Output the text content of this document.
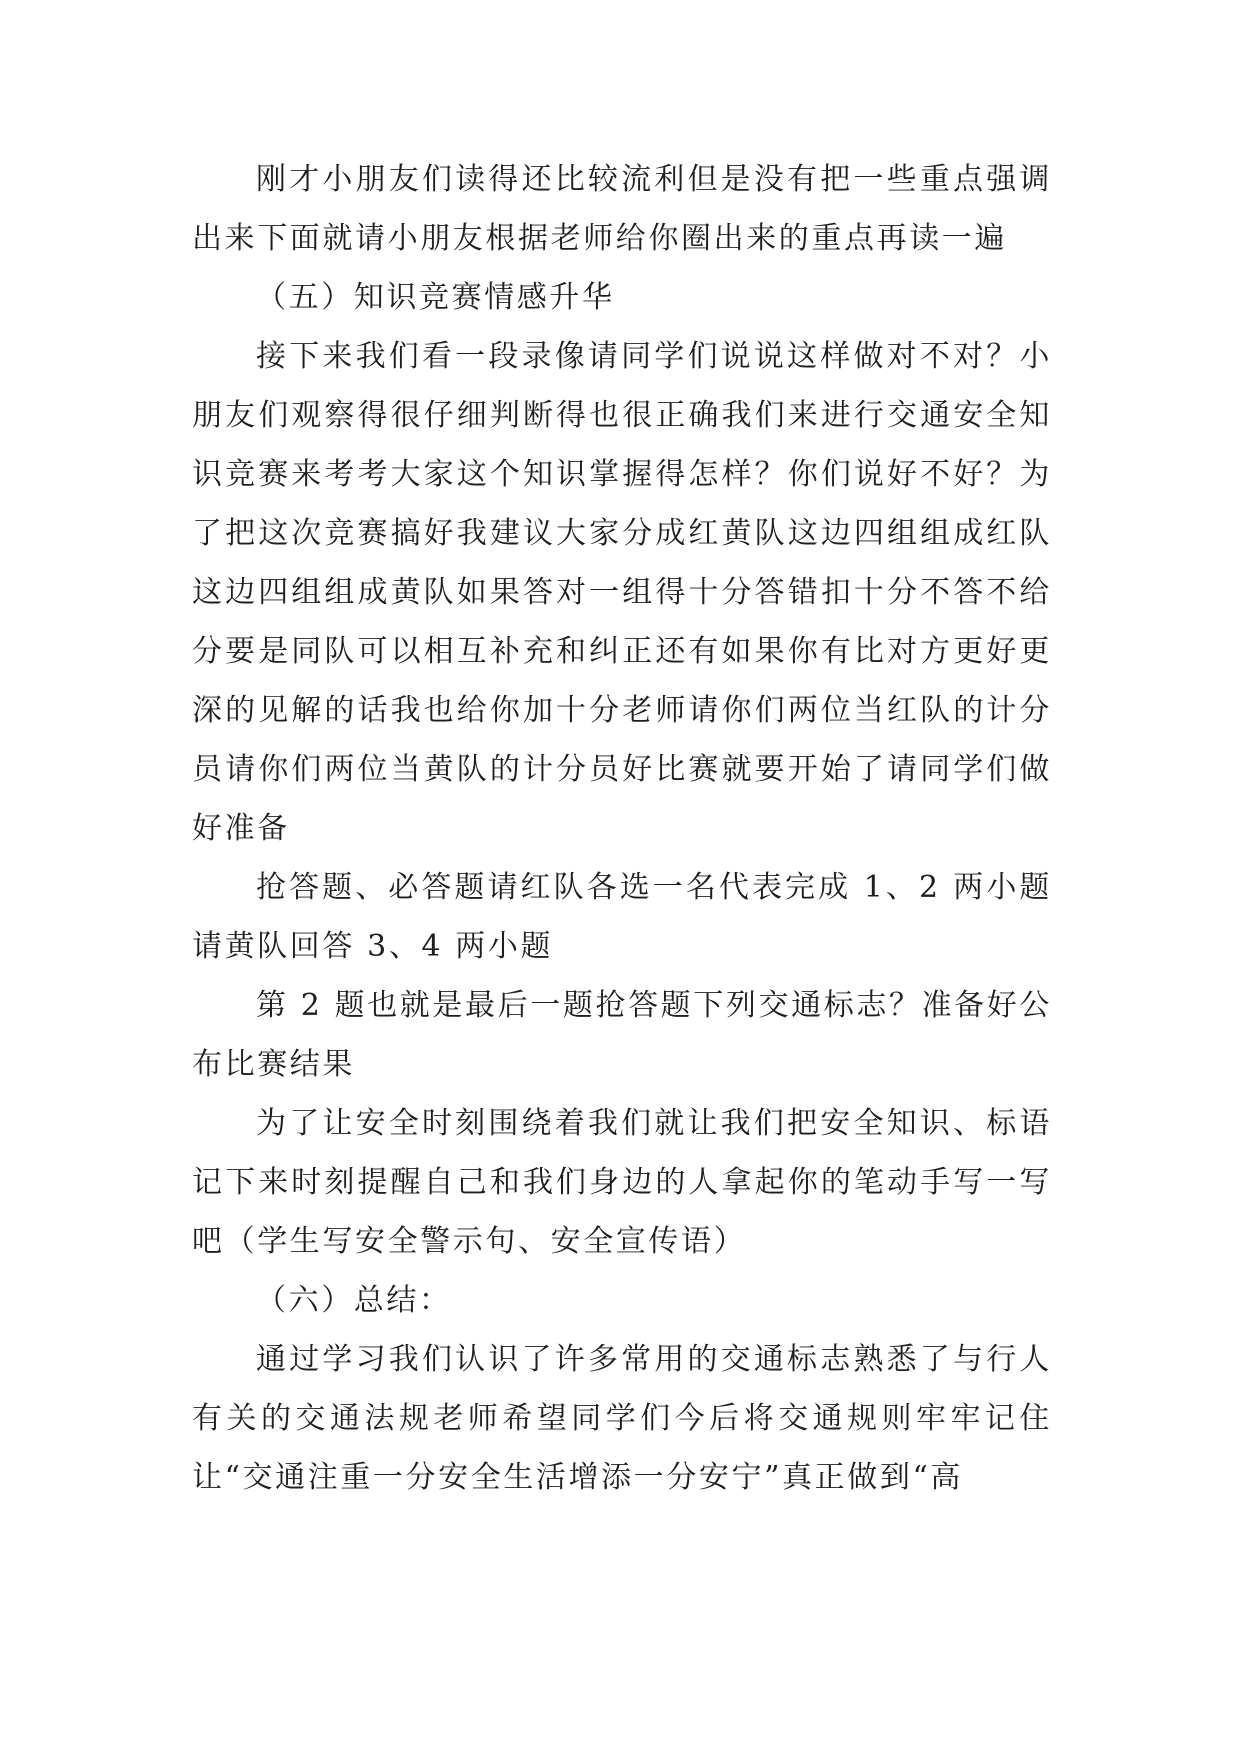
刚才小朋友们读得还比较流利但是没有把一些重点强调出来下面就请小朋友根据老师给你圈出来的重点再读一遍

（五）知识竞赛情感升华

接下来我们看一段录像请同学们说说这样做对不对？小朋友们观察得很仔细判断得也很正确我们来进行交通安全知识竞赛来考考大家这个知识掌握得怎样？你们说好不好？为了把这次竞赛搞好我建议大家分成红黄队这边四组组成红队这边四组组成黄队如果答对一组得十分答错扣十分不答不给分要是同队可以相互补充和纠正还有如果你有比对方更好更深的见解的话我也给你加十分老师请你们两位当红队的计分员请你们两位当黄队的计分员好比赛就要开始了请同学们做好准备

抢答题、必答题请红队各选一名代表完成 1、2 两小题请黄队回答 3、4 两小题

第 2 题也就是最后一题抢答题下列交通标志？准备好公布比赛结果

为了让安全时刻围绕着我们就让我们把安全知识、标语记下来时刻提醒自己和我们身边的人拿起你的笔动手写一写吧（学生写安全警示句、安全宣传语）

（六）总结：

通过学习我们认识了许多常用的交通标志熟悉了与行人有关的交通法规老师希望同学们今后将交通规则牢牢记住让“交通注重一分安全生活增添一分安宁”真正做到“高
